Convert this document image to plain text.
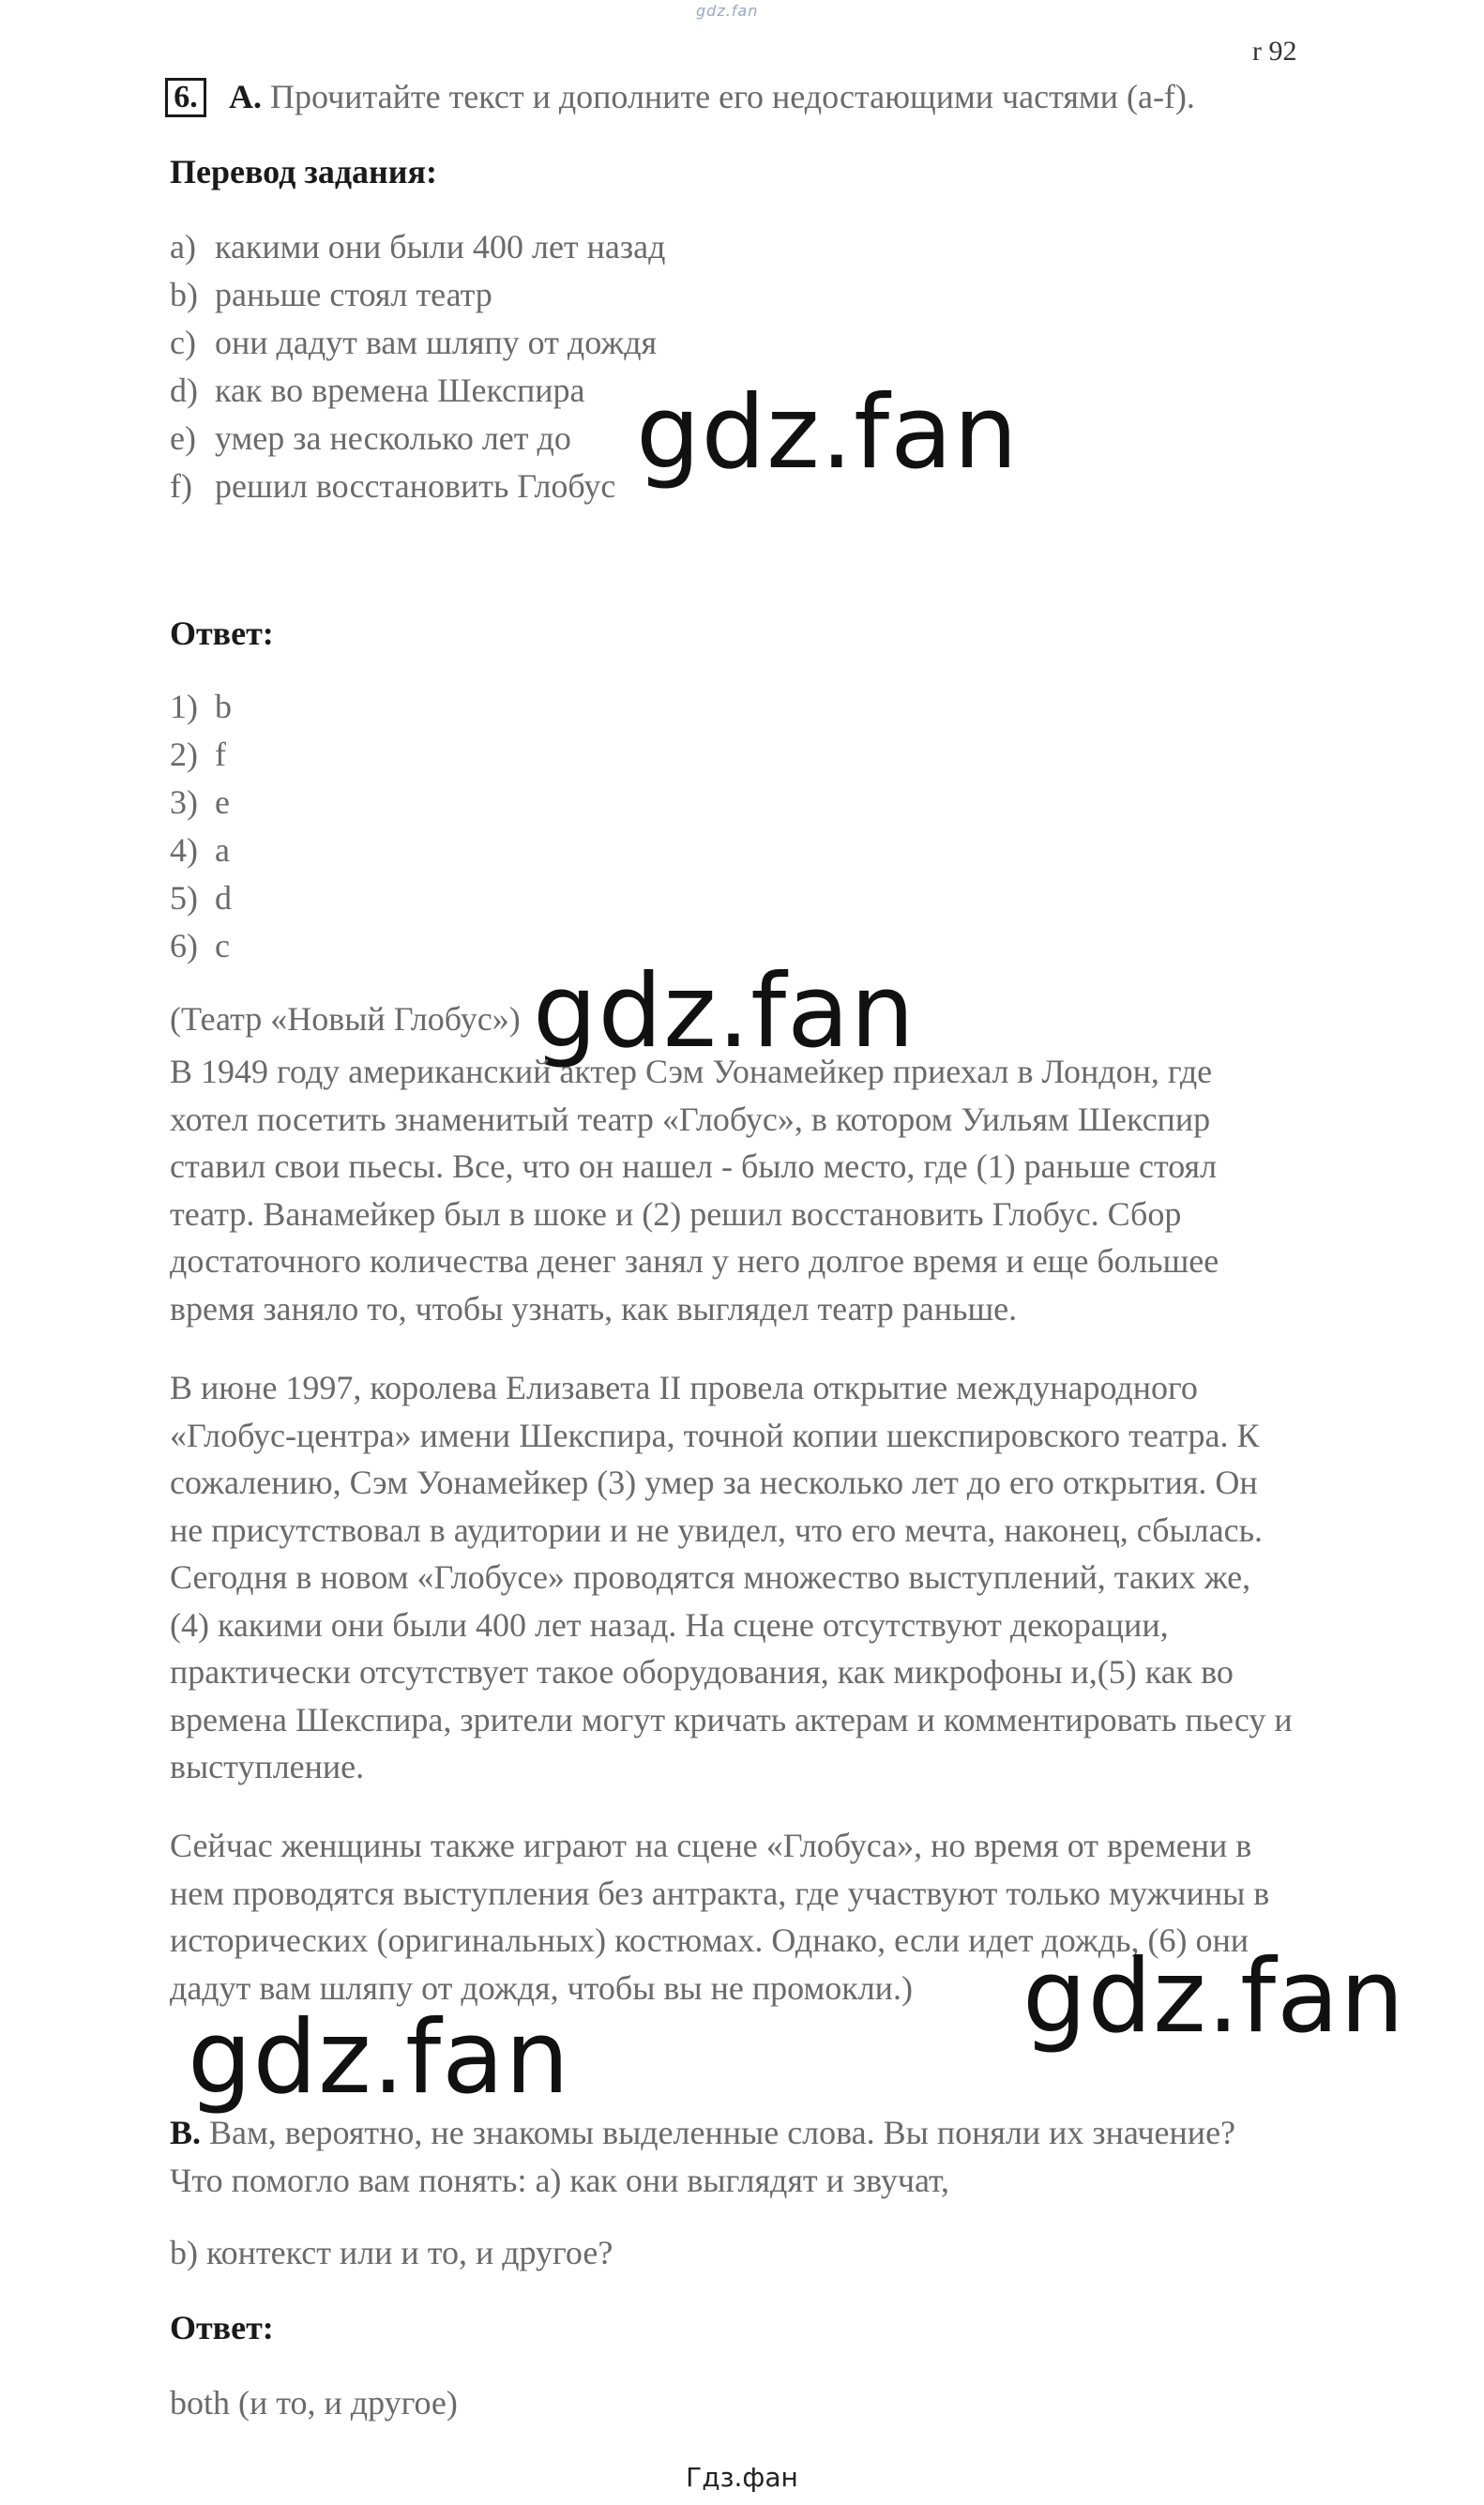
gdz.fan
r 92
6. A. Прочитайте текст и дополните его недостающими частями (a-f).
Перевод задания:
a) какими они были 400 лет назад
b) раньше стоял театр
c) они дадут вам шляпу от дождя
d) как во времена Шекспира
e) умер за несколько лет до
f) решил восстановить Глобус gdz.fan
Ответ:
1) b
2) f
3) e
4) a
5) d
6) c
(Театр «Новый Глобус») gdz.fan

В 1949 году американский актер Сэм Уонамейкер приехал в Лондон, где

хотел посетить знаменитый театр «Глобус», в котором Уильям Шекспир

ставил свои пьесы. Все, что он нашел - было место, где (1) раньше стоял

театр. Ванамейкер был в шоке и (2) решил восстановить Глобус. Сбор

достаточного количества денег занял у него долгое время и еще большее

время заняло то, чтобы узнать, как выглядел театр раньше.

В июне 1997, королева Елизавета II провела открытие международного

«Глобус-центра» имени Шекспира, точной копии шекспировского театра. К

сожалению, Сэм Уонамейкер (3) умер за несколько лет до его открытия. Он

не присутствовал в аудитории и не увидел, что его мечта, наконец, сбылась.

Сегодня в новом «Глобусе» проводятся множество выступлений, таких же,

(4) какими они были 400 лет назад. На сцене отсутствуют декорации,

практически отсутствует такое оборудования, как микрофоны и,(5) как во

времена Шекспира, зрители могут кричать актерам и комментировать пьесу и

выступление.

Сейчас женщины также играют на сцене «Глобуса», но время от времени в

нем проводятся выступления без антракта, где участвуют только мужчины в

исторических (оригинальных) костюмах. Однако, если идет дождь, (6) они

дадут вам шляпу от дождя, чтобы вы не промокли.)	gdz.fan
gdz.fan
B. Вам, вероятно, не знакомы выделенные слова. Вы поняли их значение?
Что помогло вам понять: a) как они выглядят и звучат,
b) контекст или и то, и другое?
Ответ:
both (и то, и другое)
Гдз.фан
